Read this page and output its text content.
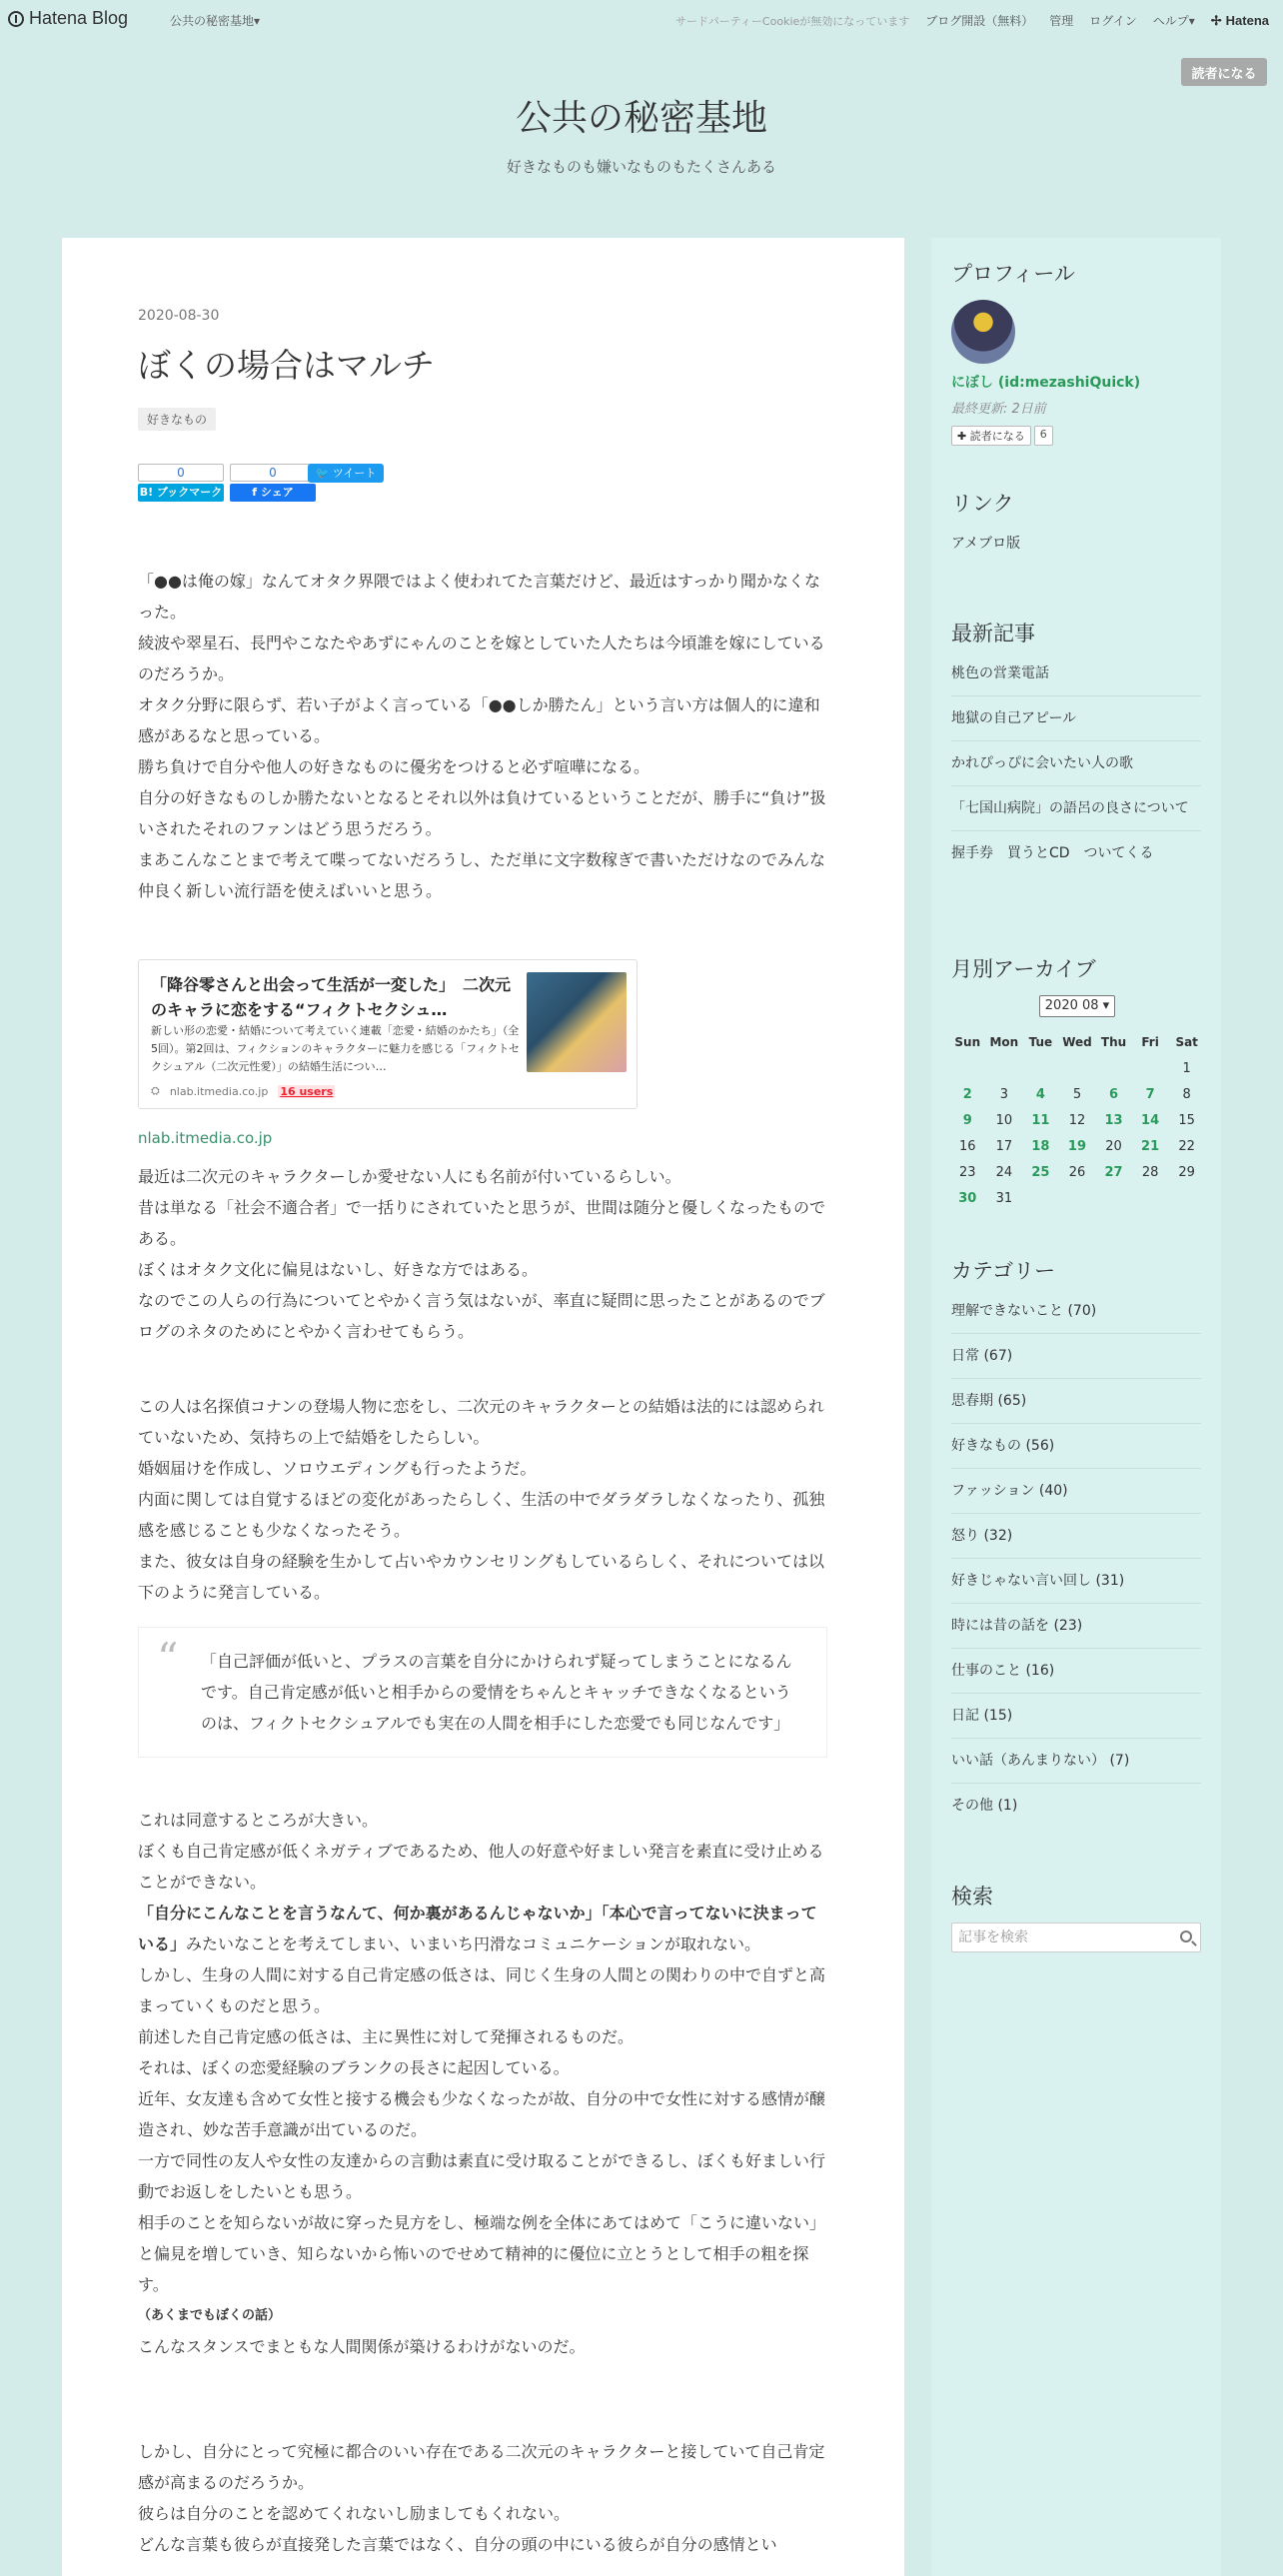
Hatena Blog	公共の秘密基地▾	サードパーティーCookieが無効になっています ブログ開設（無料） 管理 ログイン ヘルプ▾ ✢ Hatena
読者になる
公共の秘密基地
好きなものも嫌いなものもたくさんある
2020-08-30
ぼくの場合はマルチ
好きなもの
0
B! ブックマーク
0
f シェア
🐦 ツイート

「●●は俺の嫁」なんてオタク界隈ではよく使われてた言葉だけど、最近はすっかり聞かなくなった。

綾波や翠星石、長門やこなたやあずにゃんのことを嫁としていた人たちは今頃誰を嫁にしているのだろうか。

オタク分野に限らず、若い子がよく言っている「●●しか勝たん」という言い方は個人的に違和感があるなと思っている。

勝ち負けで自分や他人の好きなものに優劣をつけると必ず喧嘩になる。

自分の好きなものしか勝たないとなるとそれ以外は負けているということだが、勝手に“負け”扱いされたそれのファンはどう思うだろう。

まあこんなことまで考えて喋ってないだろうし、ただ単に文字数稼ぎで書いただけなのでみんな仲良く新しい流行語を使えばいいと思う。

「降谷零さんと出会って生活が一変した」　二次元のキャラに恋をする“フィクトセクシュ…
新しい形の恋愛・結婚について考えていく連載「恋愛・結婚のかたち」（全5回）。第2回は、フィクションのキャラクターに魅力を感じる「フィクトセクシュアル（二次元性愛）」の結婚生活につい…
⛭ nlab.itmedia.co.jp 16 users
nlab.itmedia.co.jp

最近は二次元のキャラクターしか愛せない人にも名前が付いているらしい。

昔は単なる「社会不適合者」で一括りにされていたと思うが、世間は随分と優しくなったものである。

ぼくはオタク文化に偏見はないし、好きな方ではある。

なのでこの人らの行為についてとやかく言う気はないが、率直に疑問に思ったことがあるのでブログのネタのためにとやかく言わせてもらう。

この人は名探偵コナンの登場人物に恋をし、二次元のキャラクターとの結婚は法的には認められていないため、気持ちの上で結婚をしたらしい。

婚姻届けを作成し、ソロウエディングも行ったようだ。

内面に関しては自覚するほどの変化があったらしく、生活の中でダラダラしなくなったり、孤独感を感じることも少なくなったそう。

また、彼女は自身の経験を生かして占いやカウンセリングもしているらしく、それについては以下のように発言している。

“ 「自己評価が低いと、プラスの言葉を自分にかけられず疑ってしまうことになるんです。自己肯定感が低いと相手からの愛情をちゃんとキャッチできなくなるというのは、フィクトセクシュアルでも実在の人間を相手にした恋愛でも同じなんです」

これは同意するところが大きい。

ぼくも自己肯定感が低くネガティブであるため、他人の好意や好ましい発言を素直に受け止めることができない。

「自分にこんなことを言うなんて、何か裏があるんじゃないか」「本心で言ってないに決まっている」みたいなことを考えてしまい、いまいち円滑なコミュニケーションが取れない。

しかし、生身の人間に対する自己肯定感の低さは、同じく生身の人間との関わりの中で自ずと高まっていくものだと思う。

前述した自己肯定感の低さは、主に異性に対して発揮されるものだ。

それは、ぼくの恋愛経験のブランクの長さに起因している。

近年、女友達も含めて女性と接する機会も少なくなったが故、自分の中で女性に対する感情が醸造され、妙な苦手意識が出ているのだ。

一方で同性の友人や女性の友達からの言動は素直に受け取ることができるし、ぼくも好ましい行動でお返しをしたいとも思う。

相手のことを知らないが故に穿った見方をし、極端な例を全体にあてはめて「こうに違いない」と偏見を増していき、知らないから怖いのでせめて精神的に優位に立とうとして相手の粗を探す。

（あくまでもぼくの話）

こんなスタンスでまともな人間関係が築けるわけがないのだ。

しかし、自分にとって究極に都合のいい存在である二次元のキャラクターと接していて自己肯定感が高まるのだろうか。

彼らは自分のことを認めてくれないし励ましてもくれない。

どんな言葉も彼らが直接発した言葉ではなく、自分の頭の中にいる彼らが自分の感情とい

プロフィール
にぼし (id:mezashiQuick)
最終更新: 2日前
✚ 読者になる	6
リンク
アメブロ版
最新記事
桃色の営業電話
地獄の自己アピール
かれぴっぴに会いたい人の歌
「七国山病院」の語呂の良さについて
握手券　買うとCD　ついてくる
月別アーカイブ
2020 08 ▾
Sun	Mon	Tue	Wed	Thu	Fri	Sat
						1
2	3	4	5	6	7	8
9	10	11	12	13	14	15
16	17	18	19	20	21	22
23	24	25	26	27	28	29
30	31					
カテゴリー
理解できないこと (70)
日常 (67)
思春期 (65)
好きなもの (56)
ファッション (40)
怒り (32)
好きじゃない言い回し (31)
時には昔の話を (23)
仕事のこと (16)
日記 (15)
いい話（あんまりない） (7)
その他 (1)
検索
記事を検索
